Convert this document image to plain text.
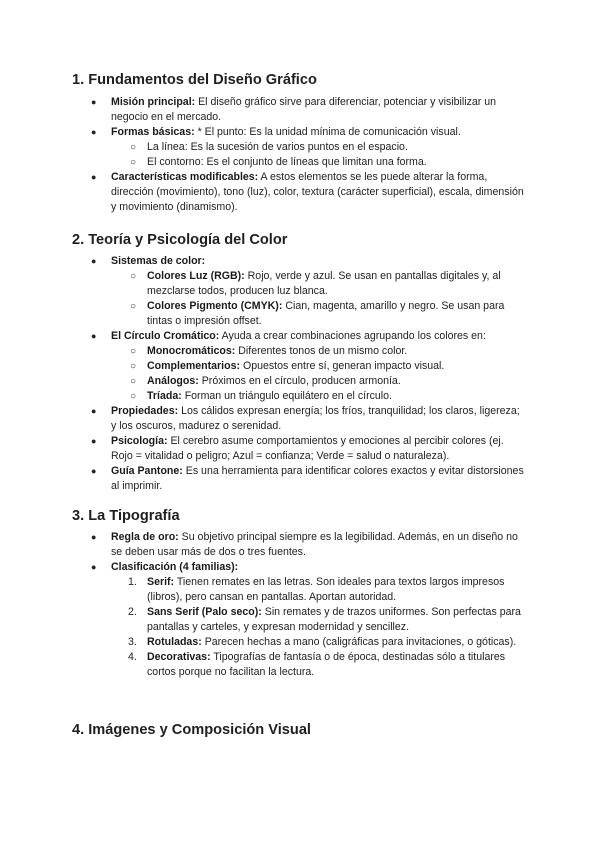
1. Fundamentos del Diseño Gráfico
● Misión principal: El diseño gráfico sirve para diferenciar, potenciar y visibilizar un negocio en el mercado.
● Formas básicas: * El punto: Es la unidad mínima de comunicación visual.
○ La línea: Es la sucesión de varios puntos en el espacio.
○ El contorno: Es el conjunto de líneas que limitan una forma.
● Características modificables: A estos elementos se les puede alterar la forma, dirección (movimiento), tono (luz), color, textura (carácter superficial), escala, dimensión y movimiento (dinamismo).
2. Teoría y Psicología del Color
● Sistemas de color:
○ Colores Luz (RGB): Rojo, verde y azul. Se usan en pantallas digitales y, al mezclarse todos, producen luz blanca.
○ Colores Pigmento (CMYK): Cian, magenta, amarillo y negro. Se usan para tintas o impresión offset.
● El Círculo Cromático: Ayuda a crear combinaciones agrupando los colores en:
○ Monocromáticos: Diferentes tonos de un mismo color.
○ Complementarios: Opuestos entre sí, generan impacto visual.
○ Análogos: Próximos en el círculo, producen armonía.
○ Tríada: Forman un triángulo equilátero en el círculo.
● Propiedades: Los cálidos expresan energía; los fríos, tranquilidad; los claros, ligereza; y los oscuros, madurez o serenidad.
● Psicología: El cerebro asume comportamientos y emociones al percibir colores (ej. Rojo = vitalidad o peligro; Azul = confianza; Verde = salud o naturaleza).
● Guía Pantone: Es una herramienta para identificar colores exactos y evitar distorsiones al imprimir.
3. La Tipografía
● Regla de oro: Su objetivo principal siempre es la legibilidad. Además, en un diseño no se deben usar más de dos o tres fuentes.
● Clasificación (4 familias):
1. Serif: Tienen remates en las letras. Son ideales para textos largos impresos (libros), pero cansan en pantallas. Aportan autoridad.
2. Sans Serif (Palo seco): Sin remates y de trazos uniformes. Son perfectas para pantallas y carteles, y expresan modernidad y sencillez.
3. Rotuladas: Parecen hechas a mano (caligráficas para invitaciones, o góticas).
4. Decorativas: Tipografías de fantasía o de época, destinadas sólo a titulares cortos porque no facilitan la lectura.
4. Imágenes y Composición Visual
